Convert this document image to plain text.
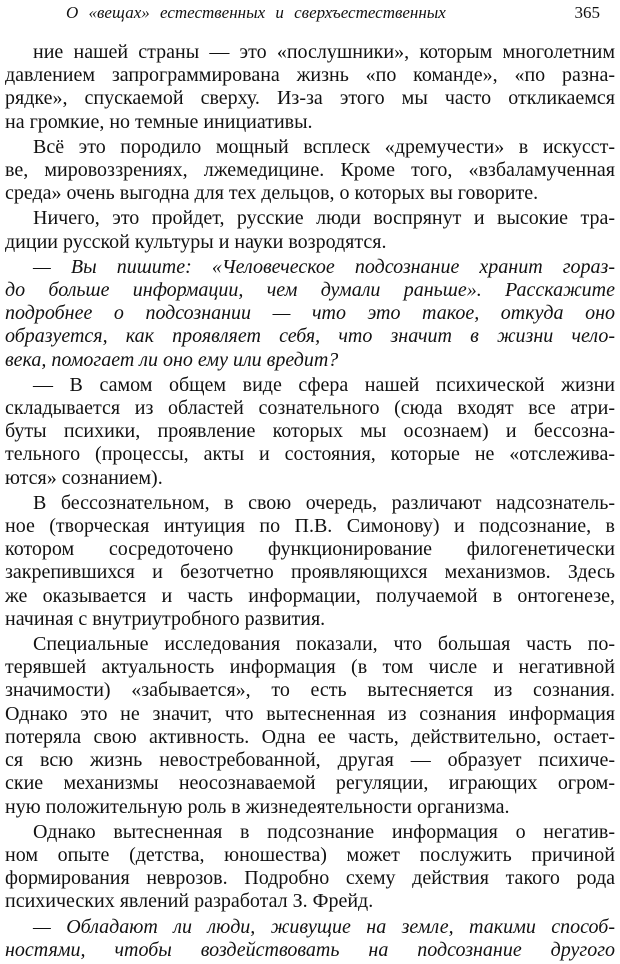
О «вещах» естественных и сверхъестественных	365
ние нашей страны — это «послушники», которым многолетним
давлением запрограммирована жизнь «по команде», «по разна-
рядке», спускаемой сверху. Из-за этого мы часто откликаемся
на громкие, но темные инициативы.
Всё это породило мощный всплеск «дремучести» в искусст-
ве, мировоззрениях, лжемедицине. Кроме того, «взбаламученная
среда» очень выгодна для тех дельцов, о которых вы говорите.
Ничего, это пройдет, русские люди воспрянут и высокие тра-
диции русской культуры и науки возродятся.
— Вы пишите: «Человеческое подсознание хранит гораз-
до больше информации, чем думали раньше». Расскажите
подробнее о подсознании — что это такое, откуда оно
образуется, как проявляет себя, что значит в жизни чело-
века, помогает ли оно ему или вредит?
— В самом общем виде сфера нашей психической жизни
складывается из областей сознательного (сюда входят все атри-
буты психики, проявление которых мы осознаем) и бессозна-
тельного (процессы, акты и состояния, которые не «отслежива-
ются» сознанием).
В бессознательном, в свою очередь, различают надсознатель-
ное (творческая интуиция по П.В. Симонову) и подсознание, в
котором сосредоточено функционирование филогенетически
закрепившихся и безотчетно проявляющихся механизмов. Здесь
же оказывается и часть информации, получаемой в онтогенезе,
начиная с внутриутробного развития.
Специальные исследования показали, что большая часть по-
терявшей актуальность информация (в том числе и негативной
значимости) «забывается», то есть вытесняется из сознания.
Однако это не значит, что вытесненная из сознания информация
потеряла свою активность. Одна ее часть, действительно, остает-
ся всю жизнь невостребованной, другая — образует психиче-
ские механизмы неосознаваемой регуляции, играющих огром-
ную положительную роль в жизнедеятельности организма.
Однако вытесненная в подсознание информация о негатив-
ном опыте (детства, юношества) может послужить причиной
формирования неврозов. Подробно схему действия такого рода
психических явлений разработал З. Фрейд.
— Обладают ли люди, живущие на земле, такими способ-
ностями, чтобы воздействовать на подсознание другого
